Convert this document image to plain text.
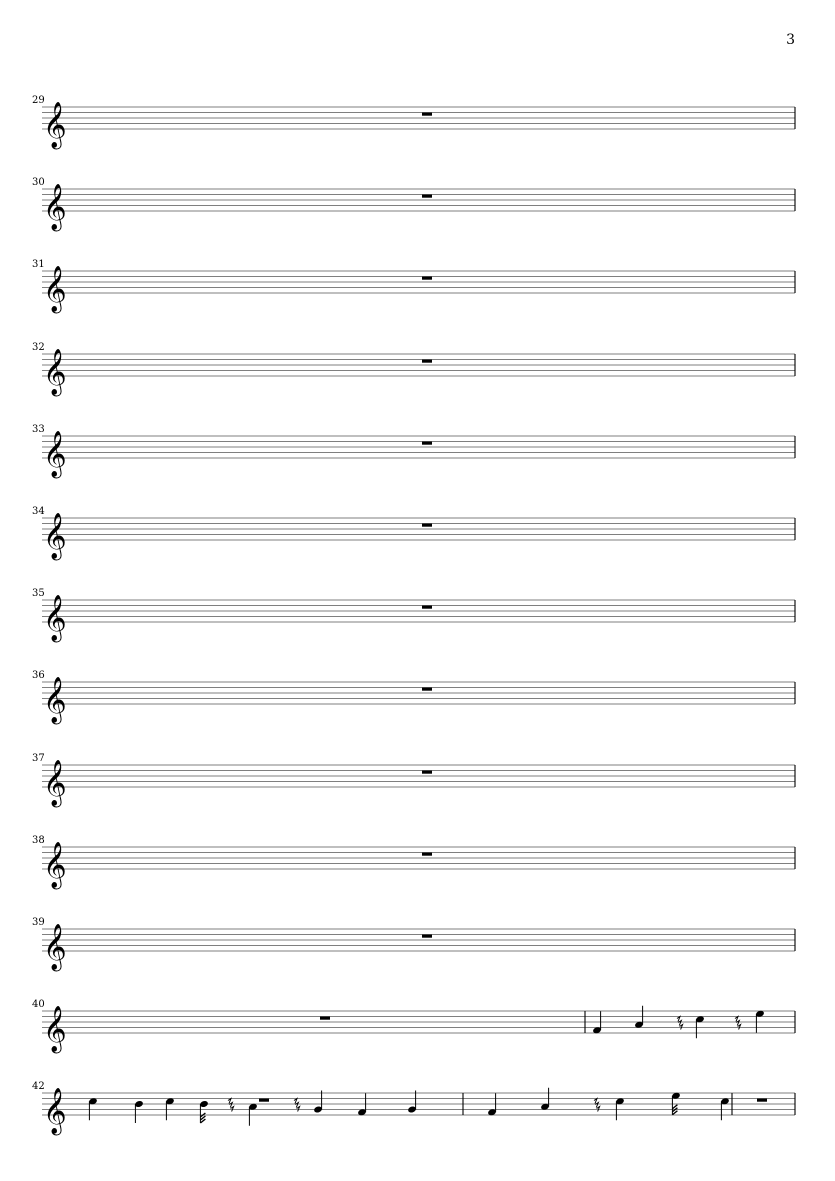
3
29
𝄞
30
𝄞
31
𝄞
32
𝄞
33
𝄞
34
𝄞
35
𝄞
36
𝄞
37
𝄞
38
𝄞
39
𝄞
40
𝄞
42
𝄞
